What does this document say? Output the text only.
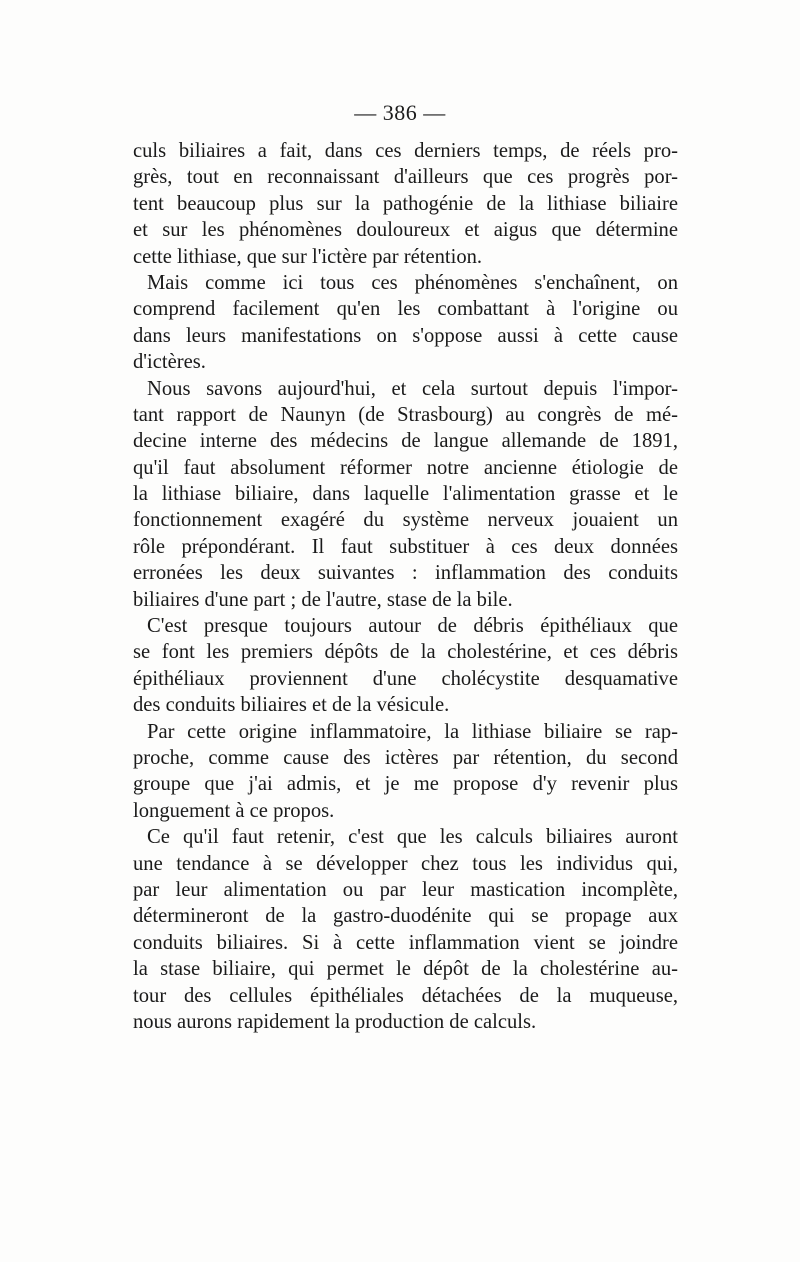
— 386 —
culs biliaires a fait, dans ces derniers temps, de réels pro-
grès, tout en reconnaissant d'ailleurs que ces progrès por-
tent beaucoup plus sur la pathogénie de la lithiase biliaire
et sur les phénomènes douloureux et aigus que détermine
cette lithiase, que sur l'ictère par rétention.
Mais comme ici tous ces phénomènes s'enchaînent, on
comprend facilement qu'en les combattant à l'origine ou
dans leurs manifestations on s'oppose aussi à cette cause
d'ictères.
Nous savons aujourd'hui, et cela surtout depuis l'impor-
tant rapport de Naunyn (de Strasbourg) au congrès de mé-
decine interne des médecins de langue allemande de 1891,
qu'il faut absolument réformer notre ancienne étiologie de
la lithiase biliaire, dans laquelle l'alimentation grasse et le
fonctionnement exagéré du système nerveux jouaient un
rôle prépondérant. Il faut substituer à ces deux données
erronées les deux suivantes : inflammation des conduits
biliaires d'une part ; de l'autre, stase de la bile.
C'est presque toujours autour de débris épithéliaux que
se font les premiers dépôts de la cholestérine, et ces débris
épithéliaux proviennent d'une cholécystite desquamative
des conduits biliaires et de la vésicule.
Par cette origine inflammatoire, la lithiase biliaire se rap-
proche, comme cause des ictères par rétention, du second
groupe que j'ai admis, et je me propose d'y revenir plus
longuement à ce propos.
Ce qu'il faut retenir, c'est que les calculs biliaires auront
une tendance à se développer chez tous les individus qui,
par leur alimentation ou par leur mastication incomplète,
détermineront de la gastro-duodénite qui se propage aux
conduits biliaires. Si à cette inflammation vient se joindre
la stase biliaire, qui permet le dépôt de la cholestérine au-
tour des cellules épithéliales détachées de la muqueuse,
nous aurons rapidement la production de calculs.
